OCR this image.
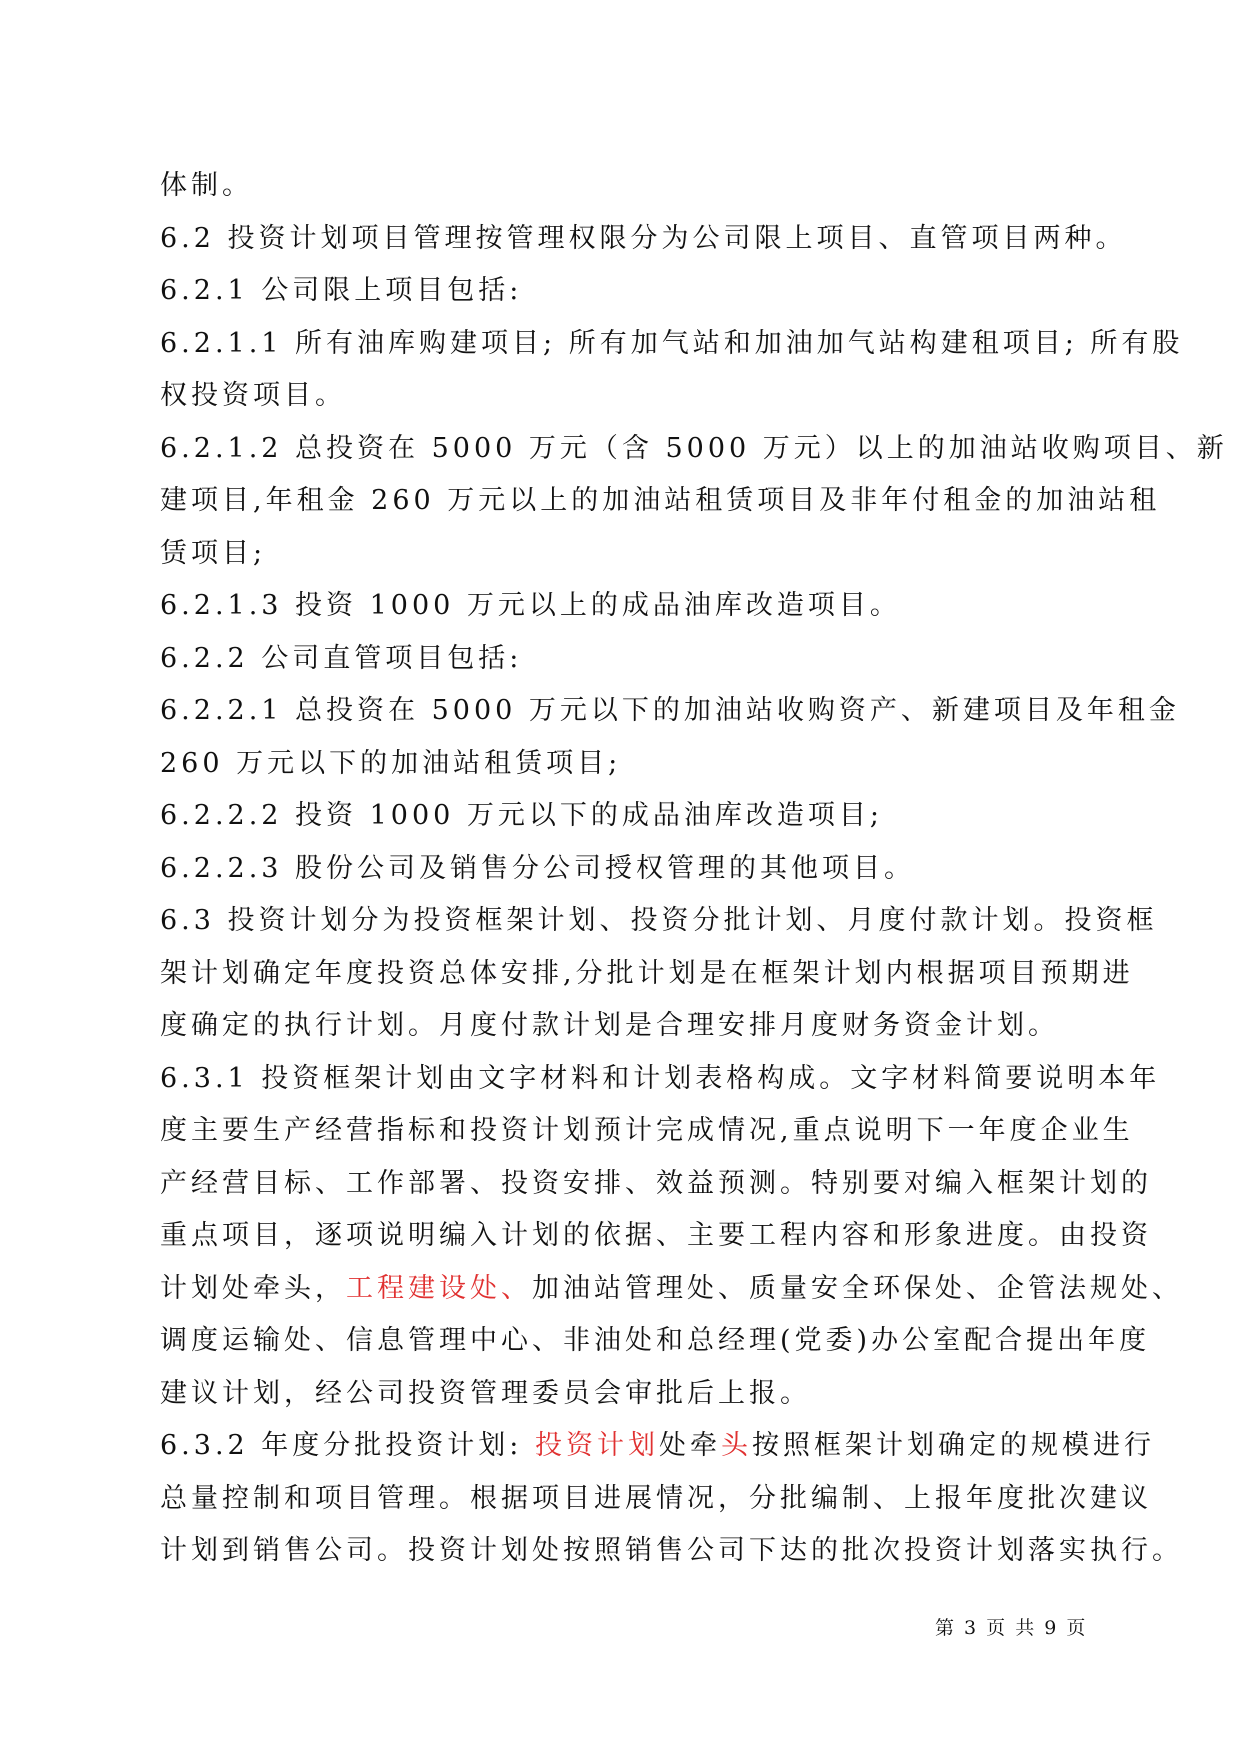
体制。
6.2 投资计划项目管理按管理权限分为公司限上项目、直管项目两种。
6.2.1 公司限上项目包括:
6.2.1.1 所有油库购建项目; 所有加气站和加油加气站构建租项目; 所有股
权投资项目。
6.2.1.2 总投资在 5000 万元（含 5000 万元）以上的加油站收购项目、新
建项目,年租金 260 万元以上的加油站租赁项目及非年付租金的加油站租
赁项目;
6.2.1.3 投资 1000 万元以上的成品油库改造项目。
6.2.2 公司直管项目包括:
6.2.2.1 总投资在 5000 万元以下的加油站收购资产、新建项目及年租金
260 万元以下的加油站租赁项目;
6.2.2.2 投资 1000 万元以下的成品油库改造项目;
6.2.2.3 股份公司及销售分公司授权管理的其他项目。
6.3 投资计划分为投资框架计划、投资分批计划、月度付款计划。投资框
架计划确定年度投资总体安排,分批计划是在框架计划内根据项目预期进
度确定的执行计划。月度付款计划是合理安排月度财务资金计划。
6.3.1 投资框架计划由文字材料和计划表格构成。文字材料简要说明本年
度主要生产经营指标和投资计划预计完成情况,重点说明下一年度企业生
产经营目标、工作部署、投资安排、效益预测。特别要对编入框架计划的
重点项目，逐项说明编入计划的依据、主要工程内容和形象进度。由投资
计划处牵头，工程建设处、加油站管理处、质量安全环保处、企管法规处、
调度运输处、信息管理中心、非油处和总经理(党委)办公室配合提出年度
建议计划，经公司投资管理委员会审批后上报。
6.3.2 年度分批投资计划: 投资计划处牵头按照框架计划确定的规模进行
总量控制和项目管理。根据项目进展情况，分批编制、上报年度批次建议
计划到销售公司。投资计划处按照销售公司下达的批次投资计划落实执行。
第 3 页 共 9 页
